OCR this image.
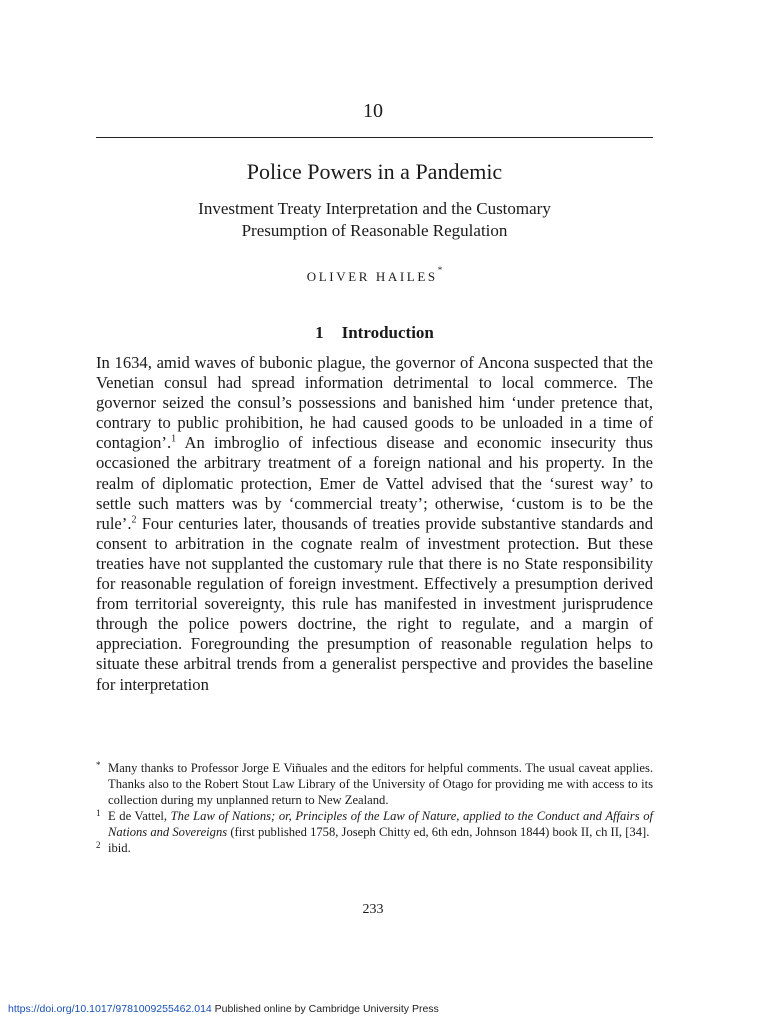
10
Police Powers in a Pandemic
Investment Treaty Interpretation and the Customary
Presumption of Reasonable Regulation
OLIVER HAILES*
1 Introduction
In 1634, amid waves of bubonic plague, the governor of Ancona suspected that the Venetian consul had spread information detrimental to local commerce. The governor seized the consul’s possessions and banished him ‘under pretence that, contrary to public prohibition, he had caused goods to be unloaded in a time of contagion’.$^1$ An imbroglio of infectious disease and economic insecurity thus occasioned the arbitrary treatment of a foreign national and his property. In the realm of diplomatic protection, Emer de Vattel advised that the ‘surest way’ to settle such matters was by ‘commercial treaty’; otherwise, ‘custom is to be the rule’.$^2$ Four centuries later, thousands of treaties provide substantive standards and consent to arbitration in the cognate realm of investment protection. But these treaties have not supplanted the customary rule that there is no State responsibility for reasonable regulation of foreign investment. Effectively a presumption derived from territorial sovereignty, this rule has manifested in investment jurisprudence through the police powers doctrine, the right to regulate, and a margin of appreciation. Foregrounding the presumption of reasonable regulation helps to situate these arbitral trends from a generalist perspective and provides the baseline for interpretation
* Many thanks to Professor Jorge E Viñuales and the editors for helpful comments. The usual caveat applies. Thanks also to the Robert Stout Law Library of the University of Otago for providing me with access to its collection during my unplanned return to New Zealand.
1 E de Vattel, The Law of Nations; or, Principles of the Law of Nature, applied to the Conduct and Affairs of Nations and Sovereigns (first published 1758, Joseph Chitty ed, 6th edn, Johnson 1844) book II, ch II, [34].
2 ibid.
233
https://doi.org/10.1017/9781009255462.014 Published online by Cambridge University Press
